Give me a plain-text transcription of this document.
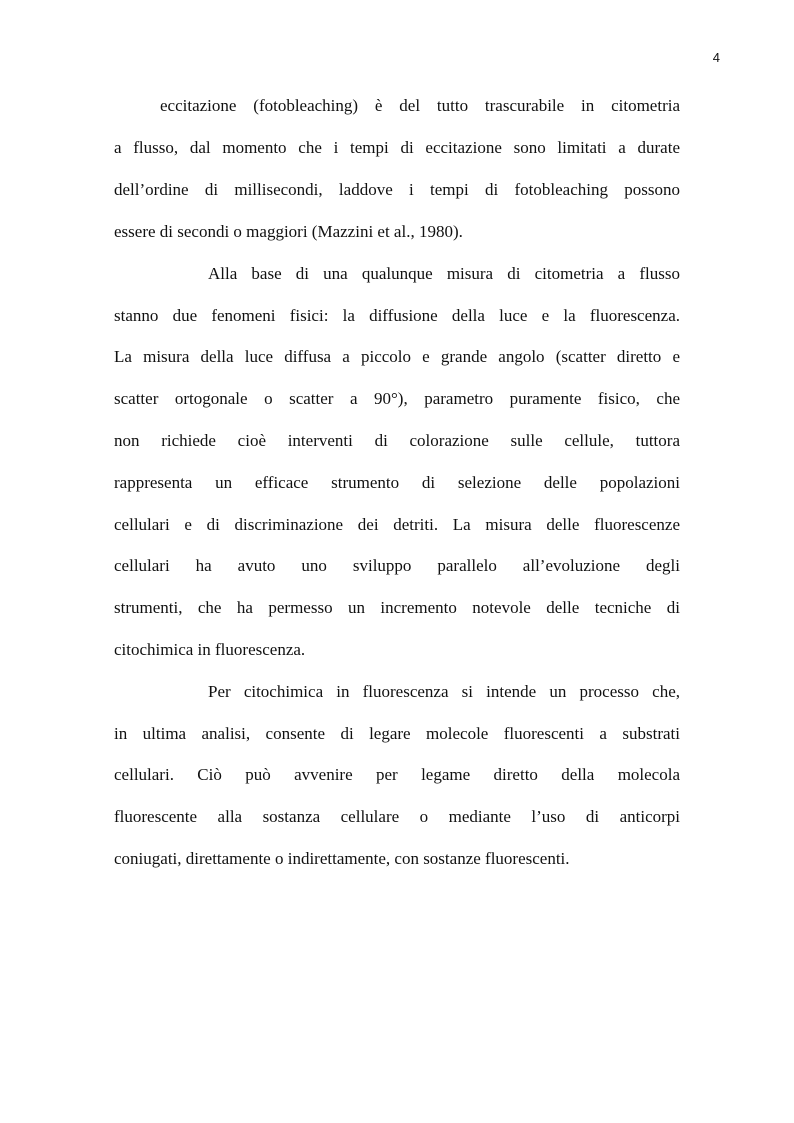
4
eccitazione (fotobleaching) è del tutto trascurabile in citometria
a flusso, dal momento che i tempi di eccitazione sono limitati a durate
dell’ordine di millisecondi, laddove i tempi di fotobleaching possono
essere di secondi o maggiori (Mazzini et al., 1980).
Alla base di una qualunque misura di citometria a flusso
stanno due fenomeni fisici: la diffusione della luce e la fluorescenza.
La misura della luce diffusa a piccolo e grande angolo (scatter diretto e
scatter ortogonale o scatter a 90°), parametro puramente fisico, che
non richiede cioè interventi di colorazione sulle cellule, tuttora
rappresenta un efficace strumento di selezione delle popolazioni
cellulari e di discriminazione dei detriti. La misura delle fluorescenze
cellulari ha avuto uno sviluppo parallelo all’evoluzione degli
strumenti, che ha permesso un incremento notevole delle tecniche di
citochimica in fluorescenza.
Per citochimica in fluorescenza si intende un processo che,
in ultima analisi, consente di legare molecole fluorescenti a substrati
cellulari. Ciò può avvenire per legame diretto della molecola
fluorescente alla sostanza cellulare o mediante l’uso di anticorpi
coniugati, direttamente o indirettamente, con sostanze fluorescenti.
